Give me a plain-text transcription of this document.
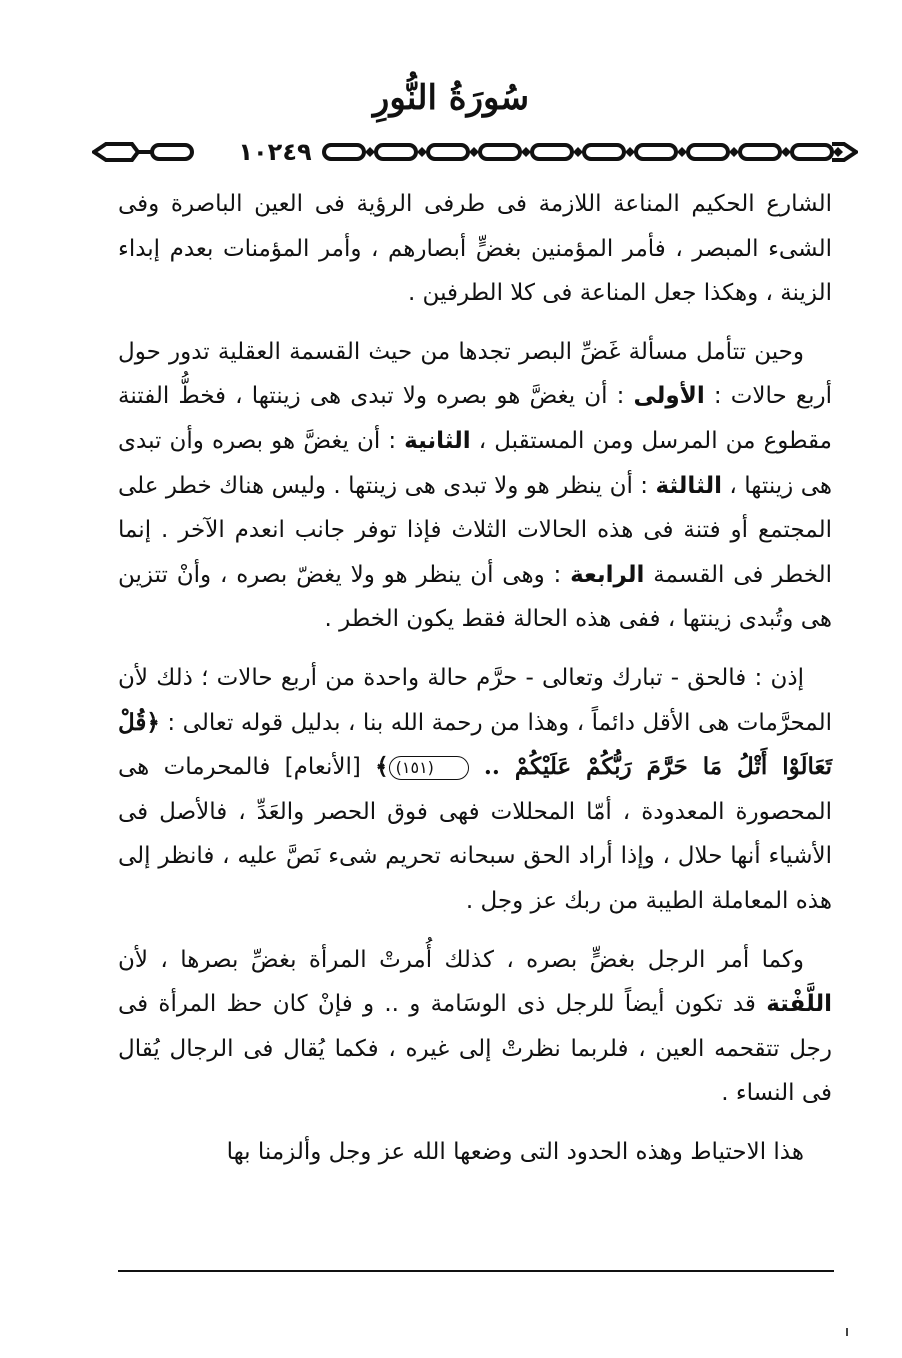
سُورَةُ النُّورِ
١٠٢٤٩

الشارع الحكيم المناعة اللازمة فى طرفى الرؤية فى العين الباصرة وفى الشىء المبصر ، فأمر المؤمنين بغضٍّ أبصارهم ، وأمر المؤمنات بعدم إبداء الزينة ، وهكذا جعل المناعة فى كلا الطرفين .

وحين تتأمل مسألة غَضِّ البصر تجدها من حيث القسمة العقلية تدور حول أربع حالات : الأولى : أن يغضَّ هو بصره ولا تبدى هى زينتها ، فخطُّ الفتنة مقطوع من المرسل ومن المستقبل ، الثانية : أن يغضَّ هو بصره وأن تبدى هى زينتها ، الثالثة : أن ينظر هو ولا تبدى هى زينتها . وليس هناك خطر على المجتمع أو فتنة فى هذه الحالات الثلاث فإذا توفر جانب انعدم الآخر . إنما الخطر فى القسمة الرابعة : وهى أن ينظر هو ولا يغضّ بصره ، وأنْ تتزين هى وتُبدى زينتها ، ففى هذه الحالة فقط يكون الخطر .

إذن : فالحق - تبارك وتعالى - حرَّم حالة واحدة من أربع حالات ؛ ذلك لأن المحرَّمات هى الأقل دائماً ، وهذا من رحمة الله بنا ، بدليل قوله تعالى : ﴿قُلْ تَعَالَوْا أَتْلُ مَا حَرَّمَ رَبُّكُمْ عَلَيْكُمْ .. (١٥١)﴾ [الأنعام] فالمحرمات هى المحصورة المعدودة ، أمّا المحللات فهى فوق الحصر والعَدِّ ، فالأصل فى الأشياء أنها حلال ، وإذا أراد الحق سبحانه تحريم شىء نَصَّ عليه ، فانظر إلى هذه المعاملة الطيبة من ربك عز وجل .

وكما أمر الرجل بغضٍّ بصره ، كذلك أُمرتْ المرأة بغضِّ بصرها ، لأن اللَّفْتة قد تكون أيضاً للرجل ذى الوسَامة و .. و فإنْ كان حظ المرأة فى رجل تتقحمه العين ، فلربما نظرتْ إلى غيره ، فكما يُقال فى الرجال يُقال فى النساء .

هذا الاحتياط وهذه الحدود التى وضعها الله عز وجل وألزمنا بها
